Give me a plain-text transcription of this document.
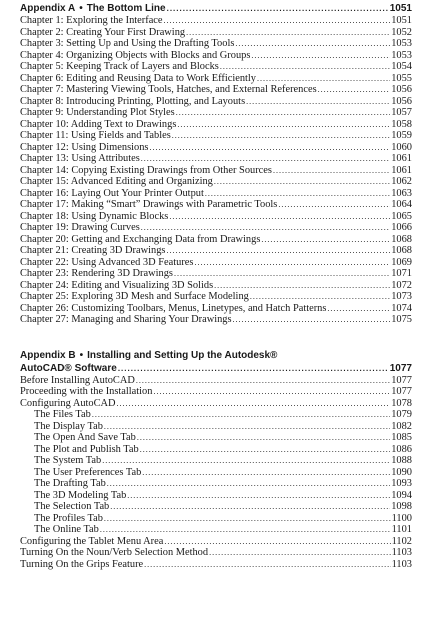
Appendix A • The Bottom Line .....	1051
Chapter 1: Exploring the Interface .....	1051
Chapter 2: Creating Your First Drawing .....	1052
Chapter 3: Setting Up and Using the Drafting Tools .....	1053
Chapter 4: Organizing Objects with Blocks and Groups .....	1053
Chapter 5: Keeping Track of Layers and Blocks .....	1054
Chapter 6: Editing and Reusing Data to Work Efficiently .....	1055
Chapter 7: Mastering Viewing Tools, Hatches, and External References .....	1056
Chapter 8: Introducing Printing, Plotting, and Layouts .....	1056
Chapter 9: Understanding Plot Styles .....	1057
Chapter 10: Adding Text to Drawings .....	1058
Chapter 11: Using Fields and Tables .....	1059
Chapter 12: Using Dimensions .....	1060
Chapter 13: Using Attributes .....	1061
Chapter 14: Copying Existing Drawings from Other Sources .....	1061
Chapter 15: Advanced Editing and Organizing .....	1062
Chapter 16: Laying Out Your Printer Output .....	1063
Chapter 17: Making “Smart” Drawings with Parametric Tools .....	1064
Chapter 18: Using Dynamic Blocks .....	1065
Chapter 19: Drawing Curves .....	1066
Chapter 20: Getting and Exchanging Data from Drawings .....	1068
Chapter 21: Creating 3D Drawings .....	1068
Chapter 22: Using Advanced 3D Features .....	1069
Chapter 23: Rendering 3D Drawings .....	1071
Chapter 24: Editing and Visualizing 3D Solids .....	1072
Chapter 25: Exploring 3D Mesh and Surface Modeling .....	1073
Chapter 26: Customizing Toolbars, Menus, Linetypes, and Hatch Patterns .....	1074
Chapter 27: Managing and Sharing Your Drawings .....	1075
Appendix B • Installing and Setting Up the Autodesk®
AutoCAD® Software .....	1077
Before Installing AutoCAD .....	1077
Proceeding with the Installation .....	1077
Configuring AutoCAD .....	1078
The Files Tab .....	1079
The Display Tab .....	1082
The Open And Save Tab .....	1085
The Plot and Publish Tab .....	1086
The System Tab .....	1088
The User Preferences Tab .....	1090
The Drafting Tab .....	1093
The 3D Modeling Tab .....	1094
The Selection Tab .....	1098
The Profiles Tab .....	1100
The Online Tab .....	1101
Configuring the Tablet Menu Area .....	1102
Turning On the Noun/Verb Selection Method .....	1103
Turning On the Grips Feature .....	1103
